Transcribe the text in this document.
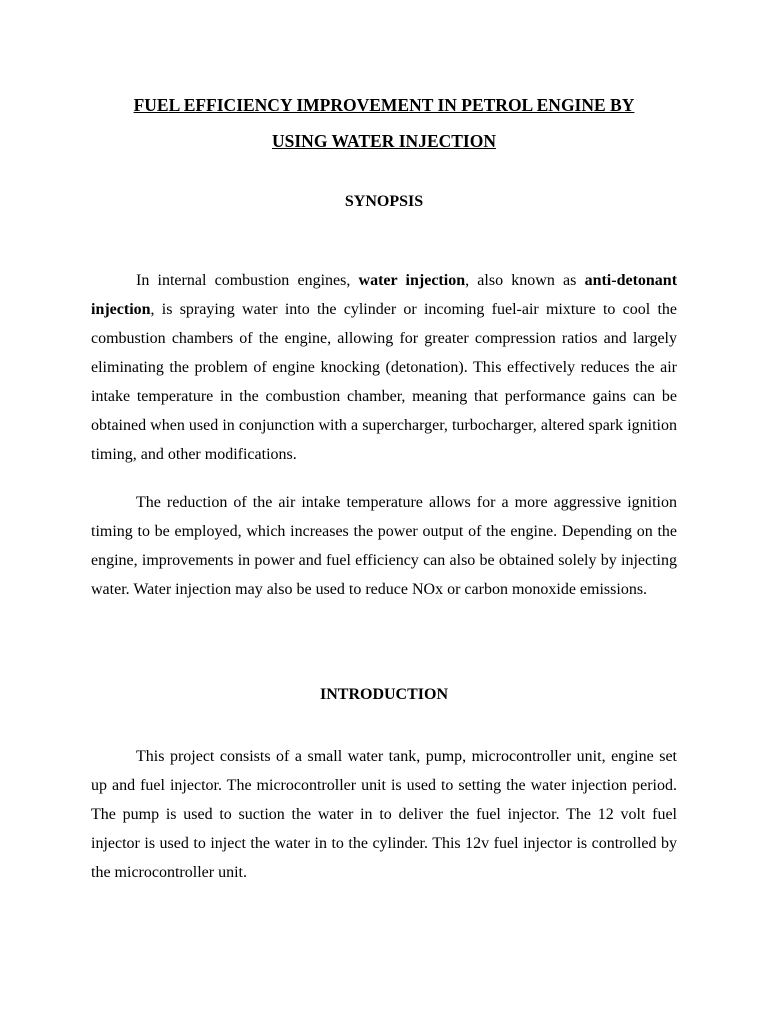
FUEL EFFICIENCY IMPROVEMENT IN PETROL ENGINE BY
USING WATER INJECTION
SYNOPSIS

In internal combustion engines, water injection, also known as anti-detonant injection, is spraying water into the cylinder or incoming fuel-air mixture to cool the combustion chambers of the engine, allowing for greater compression ratios and largely eliminating the problem of engine knocking (detonation). This effectively reduces the air intake temperature in the combustion chamber, meaning that performance gains can be obtained when used in conjunction with a supercharger, turbocharger, altered spark ignition timing, and other modifications.

The reduction of the air intake temperature allows for a more aggressive ignition timing to be employed, which increases the power output of the engine. Depending on the engine, improvements in power and fuel efficiency can also be obtained solely by injecting water. Water injection may also be used to reduce NOx or carbon monoxide emissions.

INTRODUCTION

This project consists of a small water tank, pump, microcontroller unit, engine set up and fuel injector. The microcontroller unit is used to setting the water injection period. The pump is used to suction the water in to deliver the fuel injector. The 12 volt fuel injector is used to inject the water in to the cylinder. This 12v fuel injector is controlled by the microcontroller unit.
